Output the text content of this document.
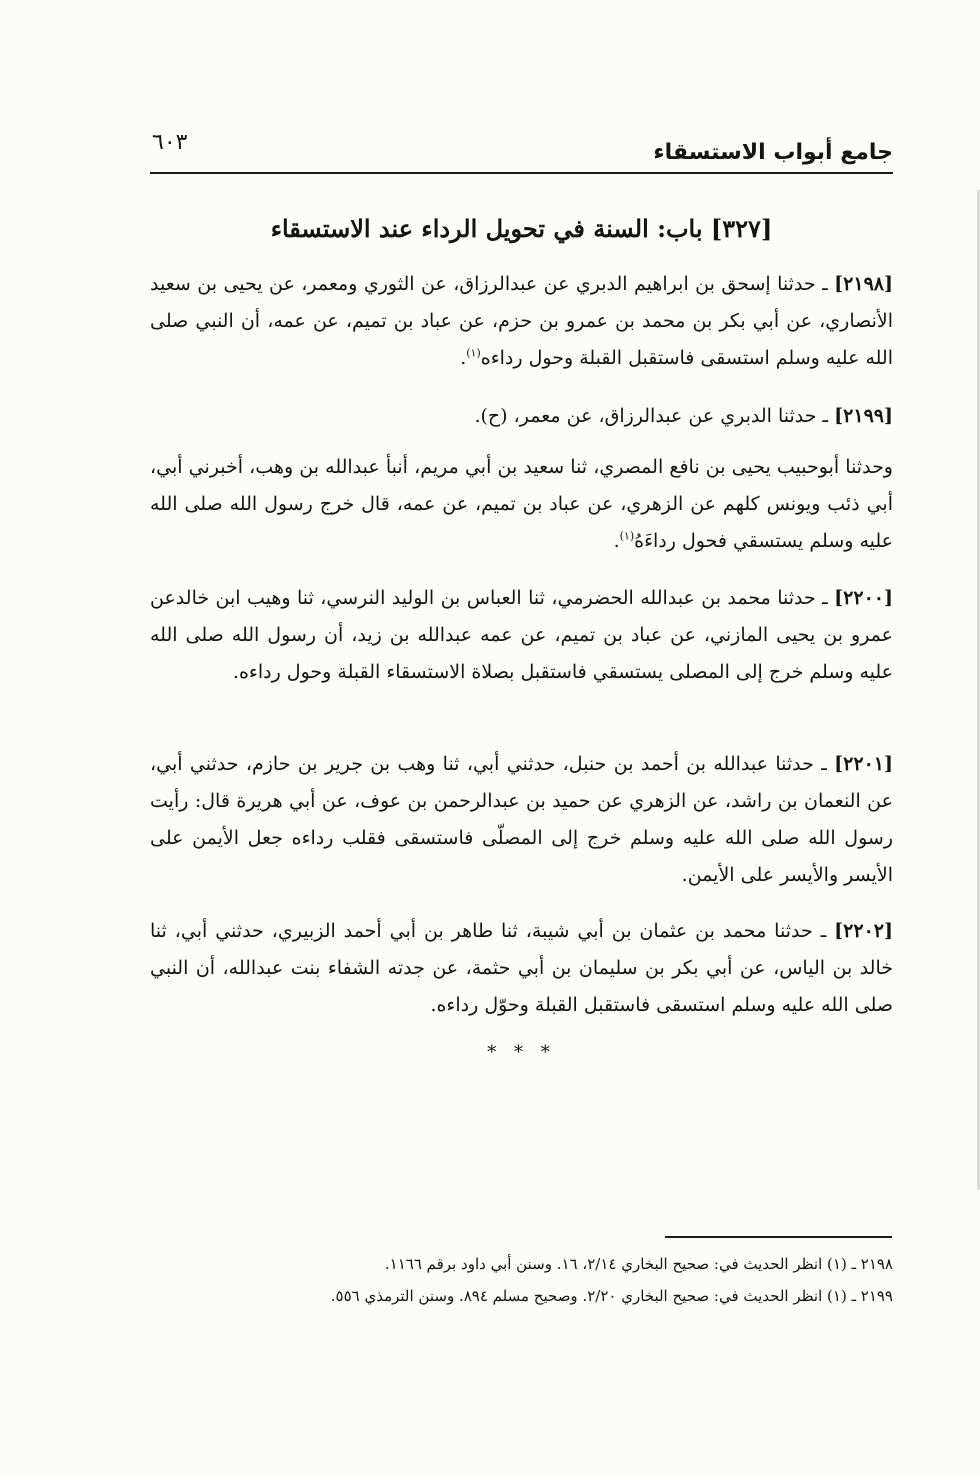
جامع أبواب الاستسقاء
٦٠٣
[٣٢٧] باب: السنة في تحويل الرداء عند الاستسقاء

[٢١٩٨] ـ حدثنا إسحق بن ابراهيم الدبري عن عبدالرزاق، عن الثوري ومعمر، عن يحيى بن سعيد الأنصاري، عن أبي بكر بن محمد بن عمرو بن حزم، عن عباد بن تميم، عن عمه، أن النبي صلى الله عليه وسلم استسقى فاستقبل القبلة وحول رداءه$^{(١)}$.

[٢١٩٩] ـ حدثنا الدبري عن عبدالرزاق، عن معمر، (ح).

وحدثنا أبوحبيب يحيى بن نافع المصري، ثنا سعيد بن أبي مريم، أنبأ عبدالله بن وهب، أخبرني أبي، أبي ذئب ويونس كلهم عن الزهري، عن عباد بن تميم، عن عمه، قال خرج رسول الله صلى الله عليه وسلم يستسقي فحول رداءَهُ$^{(١)}$.

[٢٢٠٠] ـ حدثنا محمد بن عبدالله الحضرمي، ثنا العباس بن الوليد النرسي، ثنا وهيب ابن خالدعن عمرو بن يحيى المازني، عن عباد بن تميم، عن عمه عبدالله بن زيد، أن رسول الله صلى الله عليه وسلم خرج إلى المصلى يستسقي فاستقبل بصلاة الاستسقاء القبلة وحول رداءه.

[٢٢٠١] ـ حدثنا عبدالله بن أحمد بن حنبل، حدثني أبي، ثنا وهب بن جرير بن حازم، حدثني أبي، عن النعمان بن راشد، عن الزهري عن حميد بن عبدالرحمن بن عوف، عن أبي هريرة قال: رأيت رسول الله صلى الله عليه وسلم خرج إلى المصلّى فاستسقى فقلب رداءه جعل الأيمن على الأيسر والأيسر على الأيمن.

[٢٢٠٢] ـ حدثنا محمد بن عثمان بن أبي شيبة، ثنا طاهر بن أبي أحمد الزبيري، حدثني أبي، ثنا خالد بن الياس، عن أبي بكر بن سليمان بن أبي حثمة، عن جدته الشفاء بنت عبدالله، أن النبي صلى الله عليه وسلم استسقى فاستقبل القبلة وحوّل رداءه.

* * *

٢١٩٨ ـ (١) انظر الحديث في: صحيح البخاري ٢/١٤، ١٦. وسنن أبي داود برقم ١١٦٦.

٢١٩٩ ـ (١) انظر الحديث في: صحيح البخاري ٢/٢٠. وصحيح مسلم ٨٩٤. وسنن الترمذي ٥٥٦.
